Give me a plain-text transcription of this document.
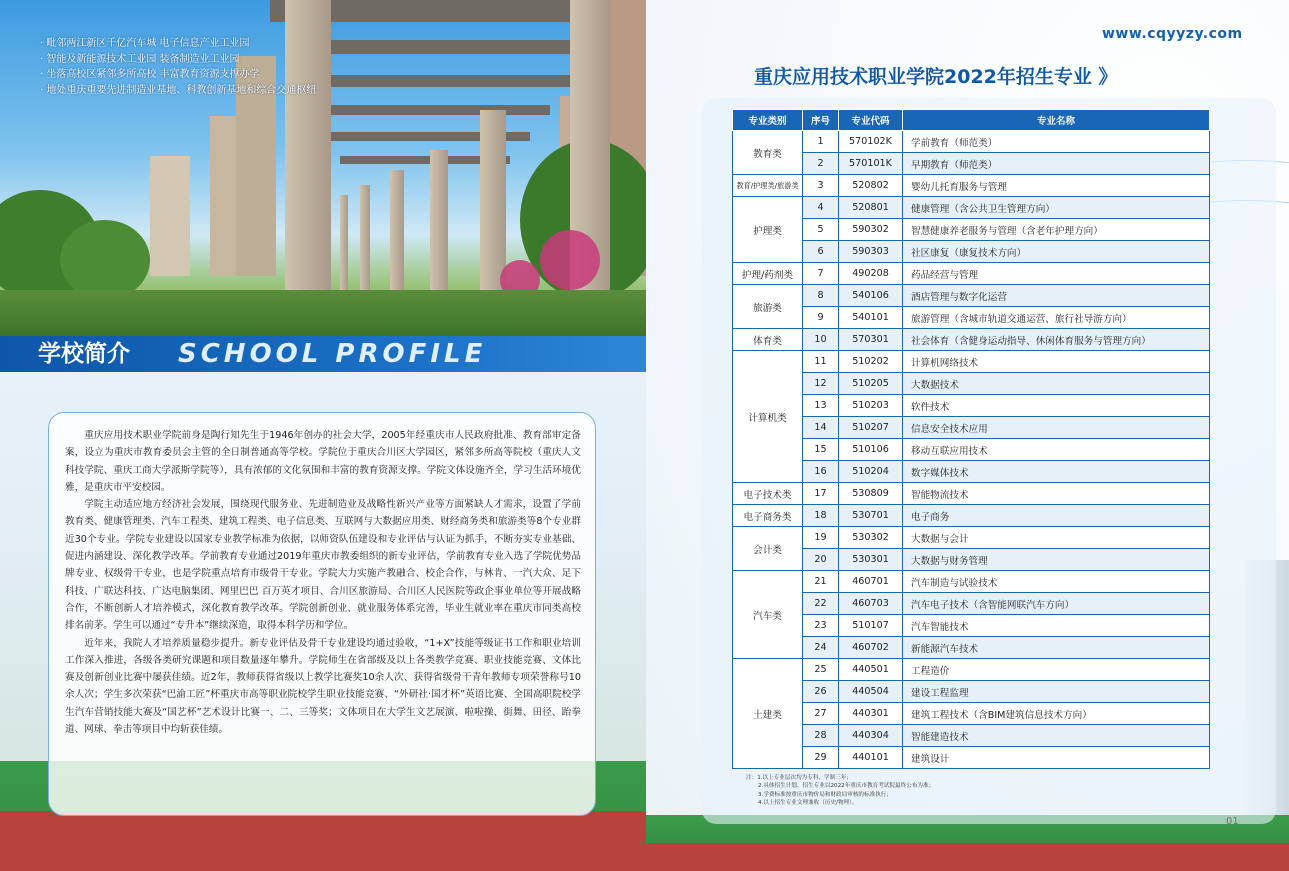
· 毗邻两江新区千亿汽车城 电子信息产业工业园
· 智能及新能源技术工业园 装备制造业工业园
· 坐落高校区紧邻多所高校 丰富教育资源支撑办学
· 地处重庆重要先进制造业基地、科教创新基地和综合交通枢纽
学校简介 SCHOOL PROFILE

重庆应用技术职业学院前身是陶行知先生于1946年创办的社会大学，2005年经重庆市人民政府批准、教育部审定备案，设立为重庆市教育委员会主管的全日制普通高等学校。学院位于重庆合川区大学园区，紧邻多所高等院校（重庆人文科技学院、重庆工商大学派斯学院等），具有浓郁的文化氛围和丰富的教育资源支撑。学院文体设施齐全，学习生活环境优雅，是重庆市平安校园。

学院主动适应地方经济社会发展，围绕现代服务业、先进制造业及战略性新兴产业等方面紧缺人才需求，设置了学前教育类、健康管理类、汽车工程类、建筑工程类、电子信息类、互联网与大数据应用类、财经商务类和旅游类等8个专业群近30个专业。学院专业建设以国家专业教学标准为依据，以师资队伍建设和专业评估与认证为抓手，不断夯实专业基础、促进内涵建设、深化教学改革。学前教育专业通过2019年重庆市教委组织的新专业评估，学前教育专业入选了学院优势品牌专业、权级骨干专业，也是学院重点培育市级骨干专业。学院大力实施产教融合、校企合作，与林肯、一汽大众、足下科技、广联达科技、广达电脑集团、网里巴巴 百万英才项目、合川区旅游局、合川区人民医院等政企事业单位等开展战略合作，不断创新人才培养模式，深化教育教学改革。学院创新创业、就业服务体系完善，毕业生就业率在重庆市同类高校排名前茅。学生可以通过“专升本”继续深造，取得本科学历和学位。

近年来，我院人才培养质量稳步提升。新专业评估及骨干专业建设均通过验收，“1+X”技能等级证书工作和职业培训工作深入推进，各级各类研究课题和项目数量逐年攀升。学院师生在省部级及以上各类教学竞赛、职业技能竞赛、文体比赛及创新创业比赛中屡获佳绩。近2年，教师获得省级以上教学比赛奖10余人次、获得省级骨干青年教师专项荣誉称号10余人次；学生多次荣获“巴渝工匠”杯重庆市高等职业院校学生职业技能竞赛、“外研社·国才杯”英语比赛、全国高职院校学生汽车营销技能大赛及“国艺杯”艺术设计比赛一、二、三等奖；文体项目在大学生文艺展演、啦啦操、街舞、田径、跆拳道、网球、拳击等项目中均斩获佳绩。

www.cqyyzy.com
重庆应用技术职业学院2022年招生专业 》
专业类别	序号	专业代码	专业名称
教育类	1	570102K	学前教育（师范类）
	2	570101K	早期教育（师范类）
教育/护理类/旅游类	3	520802	婴幼儿托育服务与管理
护理类	4	520801	健康管理（含公共卫生管理方向）
	5	590302	智慧健康养老服务与管理（含老年护理方向）
	6	590303	社区康复（康复技术方向）
护理/药剂类	7	490208	药品经营与管理
旅游类	8	540106	酒店管理与数字化运营
	9	540101	旅游管理（含城市轨道交通运营、旅行社导游方向）
体育类	10	570301	社会体育（含健身运动指导、休闲体育服务与管理方向）
计算机类	11	510202	计算机网络技术
	12	510205	大数据技术
	13	510203	软件技术
	14	510207	信息安全技术应用
	15	510106	移动互联应用技术
	16	510204	数字媒体技术
电子技术类	17	530809	智能物流技术
电子商务类	18	530701	电子商务
会计类	19	530302	大数据与会计
	20	530301	大数据与财务管理
汽车类	21	460701	汽车制造与试验技术
	22	460703	汽车电子技术（含智能网联汽车方向）
	23	510107	汽车智能技术
	24	460702	新能源汽车技术
土建类	25	440501	工程造价
	26	440504	建设工程监理
	27	440301	建筑工程技术（含BIM建筑信息技术方向）
	28	440304	智能建造技术
	29	440101	建筑设计
注：1.以上专业层次均为专科，学制三年；
2.具体招生计划、招生专业以2022年重庆市教育考试院最终公布为准；
3.学费标准按重庆市物价局和财政局审核的标准执行；
4.以上招生专业文理兼收（历史/物理）。
01
